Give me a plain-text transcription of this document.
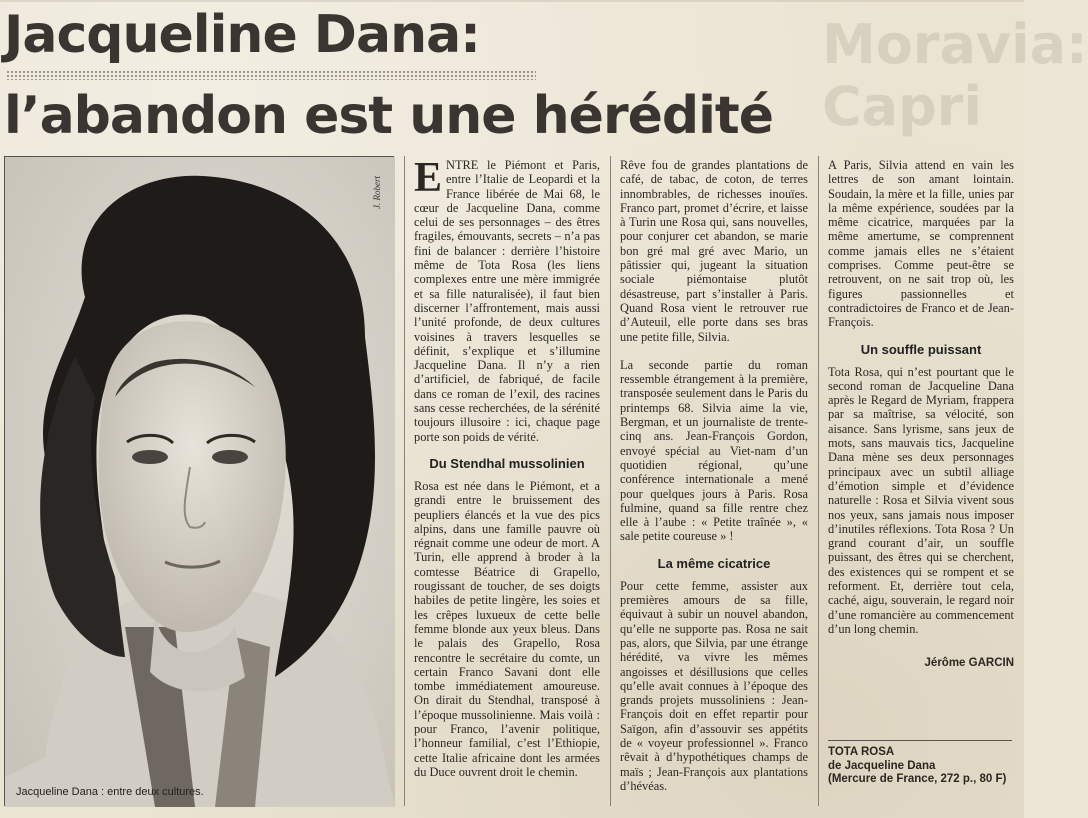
Moravia:
Capri
Jacqueline Dana:
l’abandon est une hérédité
J. Robert
Jacqueline Dana : entre deux cultures.

ENTRE le Piémont et Paris, entre l’Italie de Leopardi et la France libérée de Mai 68, le cœur de Jacqueline Dana, comme celui de ses personnages – des êtres fragiles, émouvants, secrets – n’a pas fini de balancer : derrière l’histoire même de Tota Rosa (les liens complexes entre une mère immigrée et sa fille naturalisée), il faut bien discerner l’affrontement, mais aussi l’unité profonde, de deux cultures voisines à travers lesquelles se définit, s’explique et s’illumine Jacqueline Dana. Il n’y a rien d’artificiel, de fabriqué, de facile dans ce roman de l’exil, des racines sans cesse recherchées, de la sérénité toujours illusoire : ici, chaque page porte son poids de vérité.

Du Stendhal mussolinien

Rosa est née dans le Piémont, et a grandi entre le bruissement des peupliers élancés et la vue des pics alpins, dans une famille pauvre où régnait comme une odeur de mort. A Turin, elle apprend à broder à la comtesse Béatrice di Grapello, rougissant de toucher, de ses doigts habiles de petite lingère, les soies et les crêpes luxueux de cette belle femme blonde aux yeux bleus. Dans le palais des Grapello, Rosa rencontre le secrétaire du comte, un certain Franco Savani dont elle tombe immédiatement amoureuse. On dirait du Stendhal, transposé à l’époque mussolinienne. Mais voilà : pour Franco, l’avenir politique, l’honneur familial, c’est l’Ethiopie, cette Italie africaine dont les armées du Duce ouvrent droit le chemin.

Rêve fou de grandes plantations de café, de tabac, de coton, de terres innombrables, de richesses inouïes. Franco part, promet d’écrire, et laisse à Turin une Rosa qui, sans nouvelles, pour conjurer cet abandon, se marie bon gré mal gré avec Mario, un pâtissier qui, jugeant la situation sociale piémontaise plutôt désastreuse, part s’installer à Paris. Quand Rosa vient le retrouver rue d’Auteuil, elle porte dans ses bras une petite fille, Silvia.

La seconde partie du roman ressemble étrangement à la première, transposée seulement dans le Paris du printemps 68. Silvia aime la vie, Bergman, et un journaliste de trente-cinq ans. Jean-François Gordon, envoyé spécial au Viet-nam d’un quotidien régional, qu’une conférence internationale a mené pour quelques jours à Paris. Rosa fulmine, quand sa fille rentre chez elle à l’aube : « Petite traînée », « sale petite coureuse » !

La même cicatrice

Pour cette femme, assister aux premières amours de sa fille, équivaut à subir un nouvel abandon, qu’elle ne supporte pas. Rosa ne sait pas, alors, que Silvia, par une étrange hérédité, va vivre les mêmes angoisses et désillusions que celles qu’elle avait connues à l’époque des grands projets mussoliniens : Jean-François doit en effet repartir pour Saïgon, afin d’assouvir ses appétits de « voyeur professionnel ». Franco rêvait à d’hypothétiques champs de maïs ; Jean-François aux plantations d’hévéas.

A Paris, Silvia attend en vain les lettres de son amant lointain. Soudain, la mère et la fille, unies par la même expérience, soudées par la même cicatrice, marquées par la même amertume, se comprennent comme jamais elles ne s’étaient comprises. Comme peut-être se retrouvent, on ne sait trop où, les figures passionnelles et contradictoires de Franco et de Jean-François.

Un souffle puissant

Tota Rosa, qui n’est pourtant que le second roman de Jacqueline Dana après le Regard de Myriam, frappera par sa maîtrise, sa vélocité, son aisance. Sans lyrisme, sans jeux de mots, sans mauvais tics, Jacqueline Dana mène ses deux personnages principaux avec un subtil alliage d’émotion simple et d’évidence naturelle : Rosa et Silvia vivent sous nos yeux, sans jamais nous imposer d’inutiles réflexions. Tota Rosa ? Un grand courant d’air, un souffle puissant, des êtres qui se cherchent, des existences qui se rompent et se reforment. Et, derrière tout cela, caché, aigu, souverain, le regard noir d’une romancière au commencement d’un long chemin.

Jérôme GARCIN
TOTA ROSA
de Jacqueline Dana
(Mercure de France, 272 p., 80 F)
